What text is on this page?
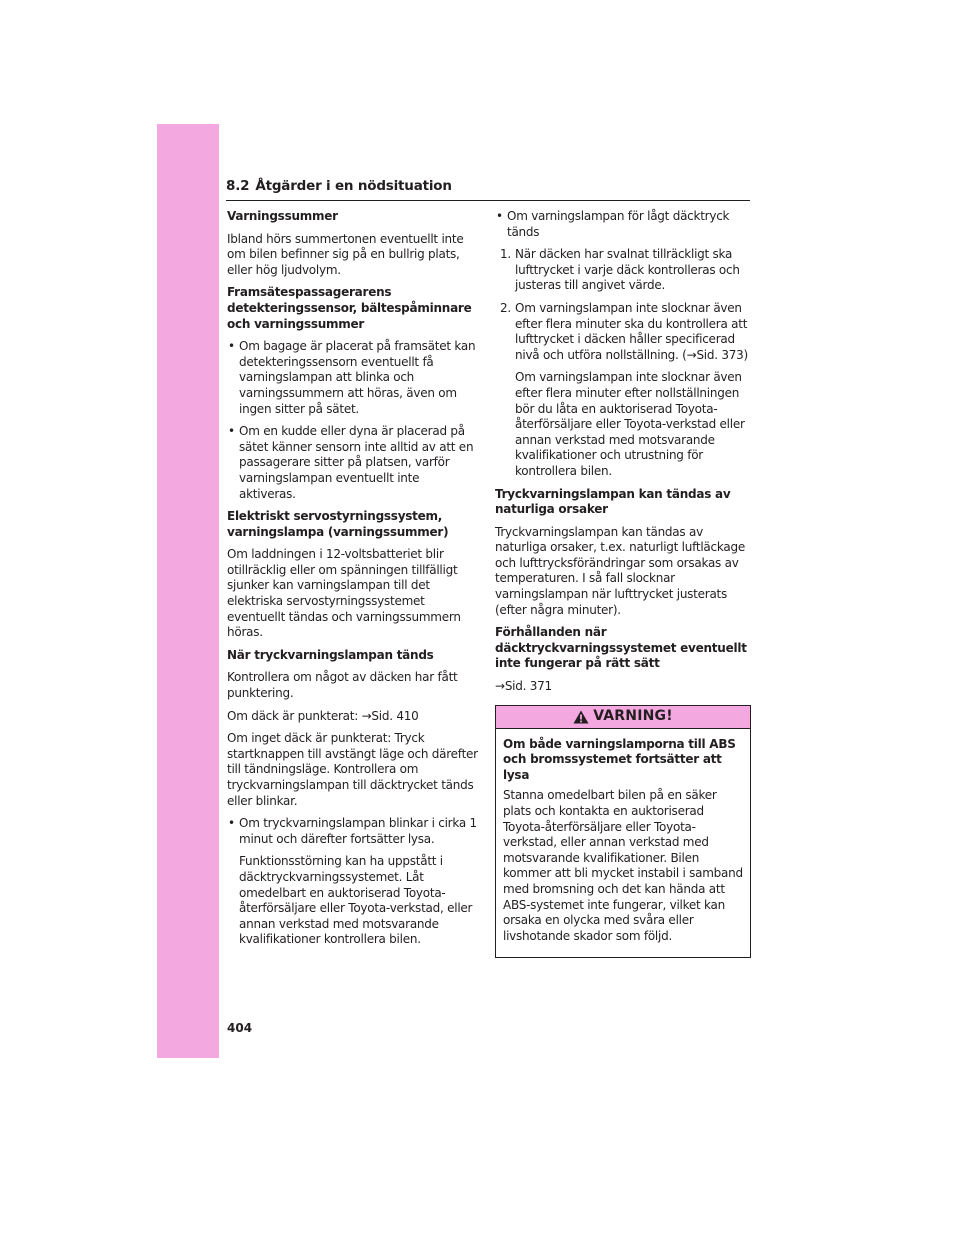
8.2 Åtgärder i en nödsituation

Varningssummer

Ibland hörs summertonen eventuellt inte om bilen befinner sig på en bullrig plats, eller hög ljudvolym.

Framsätespassagerarens detekteringssensor, bältespåminnare och varningssummer

• Om bagage är placerat på framsätet kan detekteringssensorn eventuellt få varningslampan att blinka och varningssummern att höras, även om ingen sitter på sätet.
• Om en kudde eller dyna är placerad på sätet känner sensorn inte alltid av att en passagerare sitter på platsen, varför varningslampan eventuellt inte aktiveras.

Elektriskt servostyrningssystem, varningslampa (varningssummer)

Om laddningen i 12-voltsbatteriet blir otillräcklig eller om spänningen tillfälligt sjunker kan varningslampan till det elektriska servostyrningssystemet eventuellt tändas och varningssummern höras.

När tryckvarningslampan tänds

Kontrollera om något av däcken har fått punktering.

Om däck är punkterat: →Sid. 410

Om inget däck är punkterat: Tryck startknappen till avstängt läge och därefter till tändningsläge. Kontrollera om tryckvarningslampan till däcktrycket tänds eller blinkar.

• Om tryckvarningslampan blinkar i cirka 1 minut och därefter fortsätter lysa.
Funktionsstörning kan ha uppstått i däcktryckvarningssystemet. Låt omedelbart en auktoriserad Toyota-återförsäljare eller Toyota-verkstad, eller annan verkstad med motsvarande kvalifikationer kontrollera bilen.
• Om varningslampan för lågt däcktryck tänds
1. När däcken har svalnat tillräckligt ska lufttrycket i varje däck kontrolleras och justeras till angivet värde.
2. Om varningslampan inte slocknar även efter flera minuter ska du kontrollera att lufttrycket i däcken håller specificerad nivå och utföra nollställning. (→Sid. 373)
Om varningslampan inte slocknar även efter flera minuter efter nollställningen bör du låta en auktoriserad Toyota-återförsäljare eller Toyota-verkstad eller annan verkstad med motsvarande kvalifikationer och utrustning för kontrollera bilen.

Tryckvarningslampan kan tändas av naturliga orsaker

Tryckvarningslampan kan tändas av naturliga orsaker, t.ex. naturligt luftläckage och lufttrycksförändringar som orsakas av temperaturen. I så fall slocknar varningslampan när lufttrycket justerats (efter några minuter).

Förhållanden när däcktryckvarningssystemet eventuellt inte fungerar på rätt sätt

→Sid. 371

VARNING!

Om både varningslamporna till ABS och bromssystemet fortsätter att lysa

Stanna omedelbart bilen på en säker plats och kontakta en auktoriserad Toyota-återförsäljare eller Toyota-verkstad, eller annan verkstad med motsvarande kvalifikationer. Bilen kommer att bli mycket instabil i samband med bromsning och det kan hända att ABS-systemet inte fungerar, vilket kan orsaka en olycka med svåra eller livshotande skador som följd.

404
